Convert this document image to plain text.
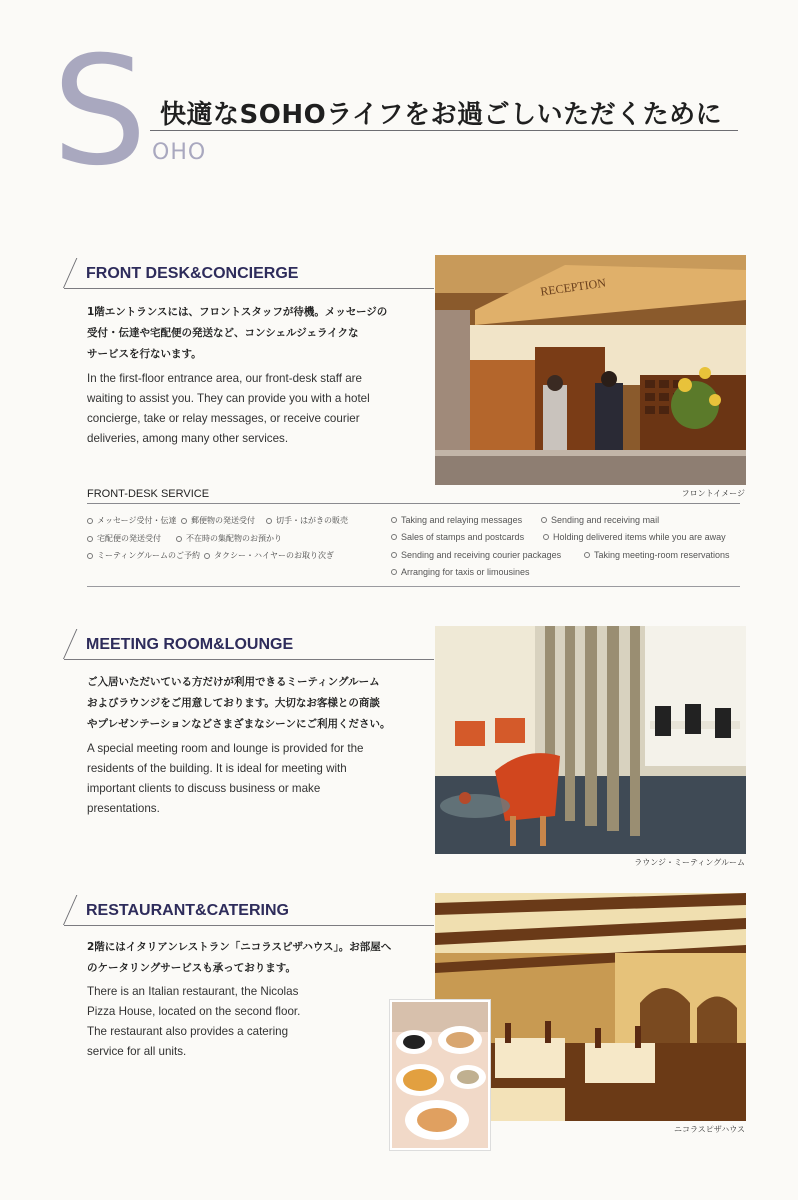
S 快適なSOHOライフをお過ごしいただくために
OHO
FRONT DESK&CONCIERGE
1階エントランスには、フロントスタッフが待機。メッセージの
受付・伝達や宅配便の発送など、コンシェルジェライクな
サービスを行ないます。
In the first-floor entrance area, our front-desk staff are
waiting to assist you. They can provide you with a hotel
concierge, take or relay messages, or receive courier
deliveries, among many other services.
RECEPTION
フロントイメージ
FRONT-DESK SERVICE
メッセージ受付・伝達 郵便物の発送受付	切手・はがきの販売
宅配便の発送受付	不在時の集配物のお預かり
ミーティングルームのご予約 タクシー・ハイヤーのお取り次ぎ
Taking and relaying messages	Sending and receiving mail
Sales of stamps and postcards	Holding delivered items while you are away
Sending and receiving courier packages	Taking meeting-room reservations
Arranging for taxis or limousines
MEETING ROOM&LOUNGE
ご入居いただいている方だけが利用できるミーティングルーム
およびラウンジをご用意しております。大切なお客様との商談
やプレゼンテーションなどさまざまなシーンにご利用ください。
A special meeting room and lounge is provided for the
residents of the building. It is ideal for meeting with
important clients to discuss business or make
presentations.
ラウンジ・ミーティングルーム
RESTAURANT&CATERING
2階にはイタリアンレストラン「ニコラスピザハウス」。お部屋へ
のケータリングサービスも承っております。
There is an Italian restaurant, the Nicolas
Pizza House, located on the second floor.
The restaurant also provides a catering
service for all units.
ニコラスピザハウス
